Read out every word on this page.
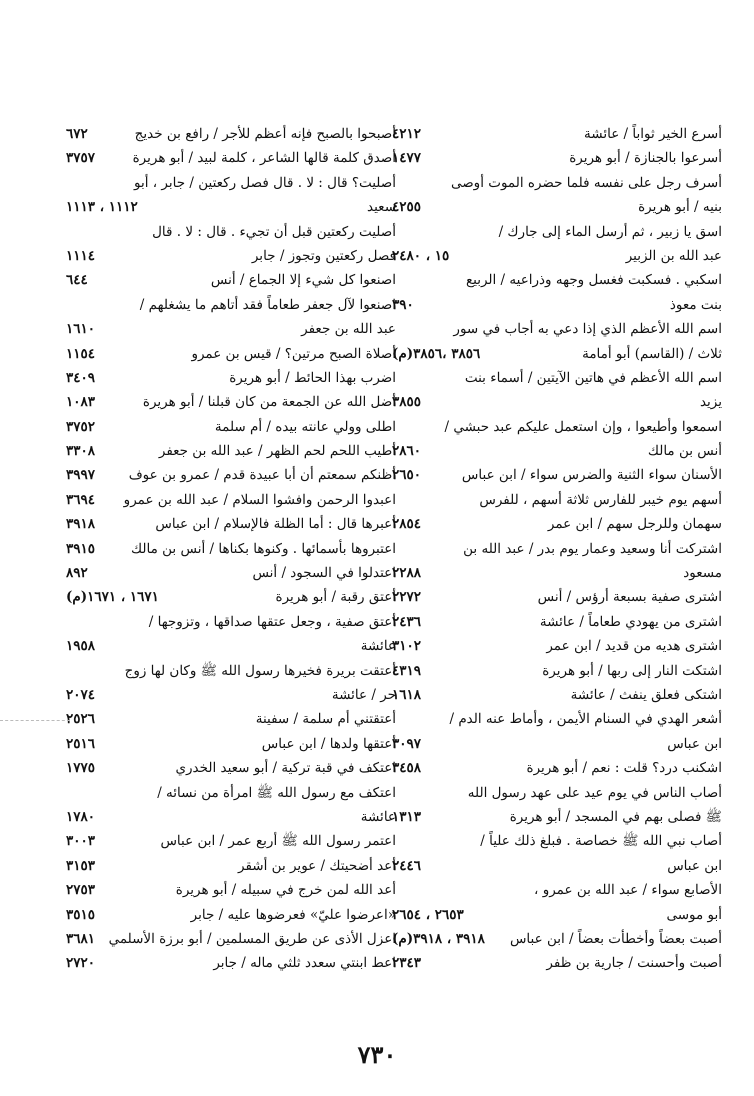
أسرع الخير ثواباً / عائشة
٤٢١٢
أسرعوا بالجنازة / أبو هريرة
١٤٧٧
أسرف رجل على نفسه فلما حضره الموت أوصى
بنيه / أبو هريرة
٤٢٥٥
اسق يا زبير ، ثم أرسل الماء إلى جارك /
عبد الله بن الزبير
١٥ ، ٢٤٨٠
اسكبي . فسكبت فغسل وجهه وذراعيه / الربيع
بنت معوذ
٣٩٠
اسم الله الأعظم الذي إذا دعي به أجاب في سور
ثلاث / (القاسم) أبو أمامة
٣٨٥٦ ،٣٨٥٦(م)
اسم الله الأعظم في هاتين الآيتين / أسماء بنت
يزيد
٣٨٥٥
اسمعوا وأطيعوا ، وإن استعمل عليكم عبد حبشي /
أنس بن مالك
٢٨٦٠
الأسنان سواء الثنية والضرس سواء / ابن عباس
٢٦٥٠
أسهم يوم خيبر للفارس ثلاثة أسهم ، للفرس
سهمان وللرجل سهم / ابن عمر
٢٨٥٤
اشتركت أنا وسعيد وعمار يوم بدر / عبد الله بن
مسعود
٢٢٨٨
اشترى صفية بسبعة أرؤس / أنس
٢٢٧٢
اشترى من يهودي طعاماً / عائشة
٢٤٣٦
اشترى هديه من قديد / ابن عمر
٣١٠٢
اشتكت النار إلى ربها / أبو هريرة
٤٣١٩
اشتكى فعلق ينفث / عائشة
١٦١٨
أشعر الهدي في السنام الأيمن ، وأماط عنه الدم /
ابن عباس
٣٠٩٧
اشكنب درد؟ قلت : نعم / أبو هريرة
٣٤٥٨
أصاب الناس في يوم عيد على عهد رسول الله
ﷺ فصلى بهم في المسجد / أبو هريرة
١٣١٣
أصاب نبي الله ﷺ خصاصة . فبلغ ذلك علياً /
ابن عباس
٢٤٤٦
الأصابع سواء / عبد الله بن عمرو ،
أبو موسى
٢٦٥٣ ، ٢٦٥٤
أصبت بعضاً وأخطأت بعضاً / ابن عباس
٣٩١٨ ، ٣٩١٨(م)
أصبت وأحسنت / جارية بن ظفر
٢٣٤٣
أصبحوا بالصبح فإنه أعظم للأجر / رافع بن خديج
٦٧٢
أصدق كلمة قالها الشاعر ، كلمة لبيد / أبو هريرة
٣٧٥٧
أصليت؟ قال : لا . قال فصل ركعتين / جابر ، أبو
سعيد
١١١٢ ، ١١١٣
أصليت ركعتين قبل أن تجيء . قال : لا . قال
فصل ركعتين وتجوز / جابر
١١١٤
اصنعوا كل شيء إلا الجماع / أنس
٦٤٤
اصنعوا لآل جعفر طعاماً فقد أتاهم ما يشغلهم /
عبد الله بن جعفر
١٦١٠
أصلاة الصبح مرتين؟ / قيس بن عمرو
١١٥٤
اضرب بهذا الحائط / أبو هريرة
٣٤٠٩
أضل الله عن الجمعة من كان قبلنا / أبو هريرة
١٠٨٣
اطلى وولي عانته بيده / أم سلمة
٣٧٥٢
أطيب اللحم لحم الظهر / عبد الله بن جعفر
٣٣٠٨
أظنكم سمعتم أن أبا عبيدة قدم / عمرو بن عوف
٣٩٩٧
اعبدوا الرحمن وافشوا السلام / عبد الله بن عمرو
٣٦٩٤
أعبرها قال : أما الظلة فالإسلام / ابن عباس
٣٩١٨
اعتبروها بأسمائها . وكنوها بكناها / أنس بن مالك
٣٩١٥
اعتدلوا في السجود / أنس
٨٩٢
أعتق رقبة / أبو هريرة
١٦٧١ ، ١٦٧١(م)
أعتق صفية ، وجعل عتقها صداقها ، وتزوجها /
عائشة
١٩٥٨
أعتقت بريرة فخيرها رسول الله ﷺ وكان لها زوج
حر / عائشة
٢٠٧٤
أعتقتني أم سلمة / سفينة
٢٥٢٦
أعتقها ولدها / ابن عباس
٢٥١٦
اعتكف في قبة تركية / أبو سعيد الخدري
١٧٧٥
اعتكف مع رسول الله ﷺ امرأة من نسائه /
عائشة
١٧٨٠
اعتمر رسول الله ﷺ أربع عمر / ابن عباس
٣٠٠٣
أعد أضحيتك / عوير بن أشقر
٣١٥٣
أعد الله لمن خرج في سبيله / أبو هريرة
٢٧٥٣
«اعرضوا عليّ» فعرضوها عليه / جابر
٣٥١٥
اعزل الأذى عن طريق المسلمين / أبو برزة الأسلمي
٣٦٨١
اعط ابنتي سعدد ثلثي ماله / جابر
٢٧٢٠
٧٣٠
